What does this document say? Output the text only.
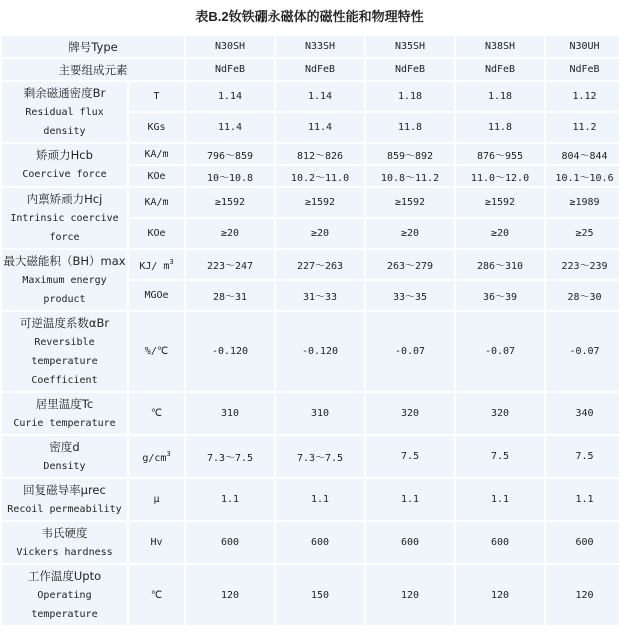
表B.2钕铁硼永磁体的磁性能和物理特性
牌号Type		N30SH	N33SH	N35SH	N38SH	N30UH
主要组成元素		NdFeB	NdFeB	NdFeB	NdFeB	NdFeB

剩余磁通密度Br
Residual flux
density	T	1.14	1.14	1.18	1.18	1.12
	KGs	11.4	11.4	11.8	11.8	11.2

矫顽力Hcb
Coercive force	KA/m	796～859	812～826	859～892	876～955	804～844
	KOe	10～10.8	10.2～11.0	10.8～11.2	11.0～12.0	10.1～10.6

内禀矫顽力Hcj
Intrinsic coercive
force	KA/m	≥1592	≥1592	≥1592	≥1592	≥1989
	KOe	≥20	≥20	≥20	≥20	≥25

最大磁能积（BH）max
Maximum energy
product	KJ/ $m^3$	223～247	227～263	263～279	286～310	223～239
	MGOe	28～31	31～33	33～35	36～39	28～30

可逆温度系数αBr
Reversible
temperature
Coefficient	%/℃	-0.120	-0.120	-0.07	-0.07	-0.07

居里温度Tc
Curie temperature	℃	310	310	320	320	340

密度d
Density	$g/cm^3$	7.3～7.5	7.3～7.5	7.5	7.5	7.5

回复磁导率μrec
Recoil permeability	μ	1.1	1.1	1.1	1.1	1.1

韦氏硬度
Vickers hardness	Hv	600	600	600	600	600

工作温度Upto
Operating
temperature	℃	120	150	120	120	120
